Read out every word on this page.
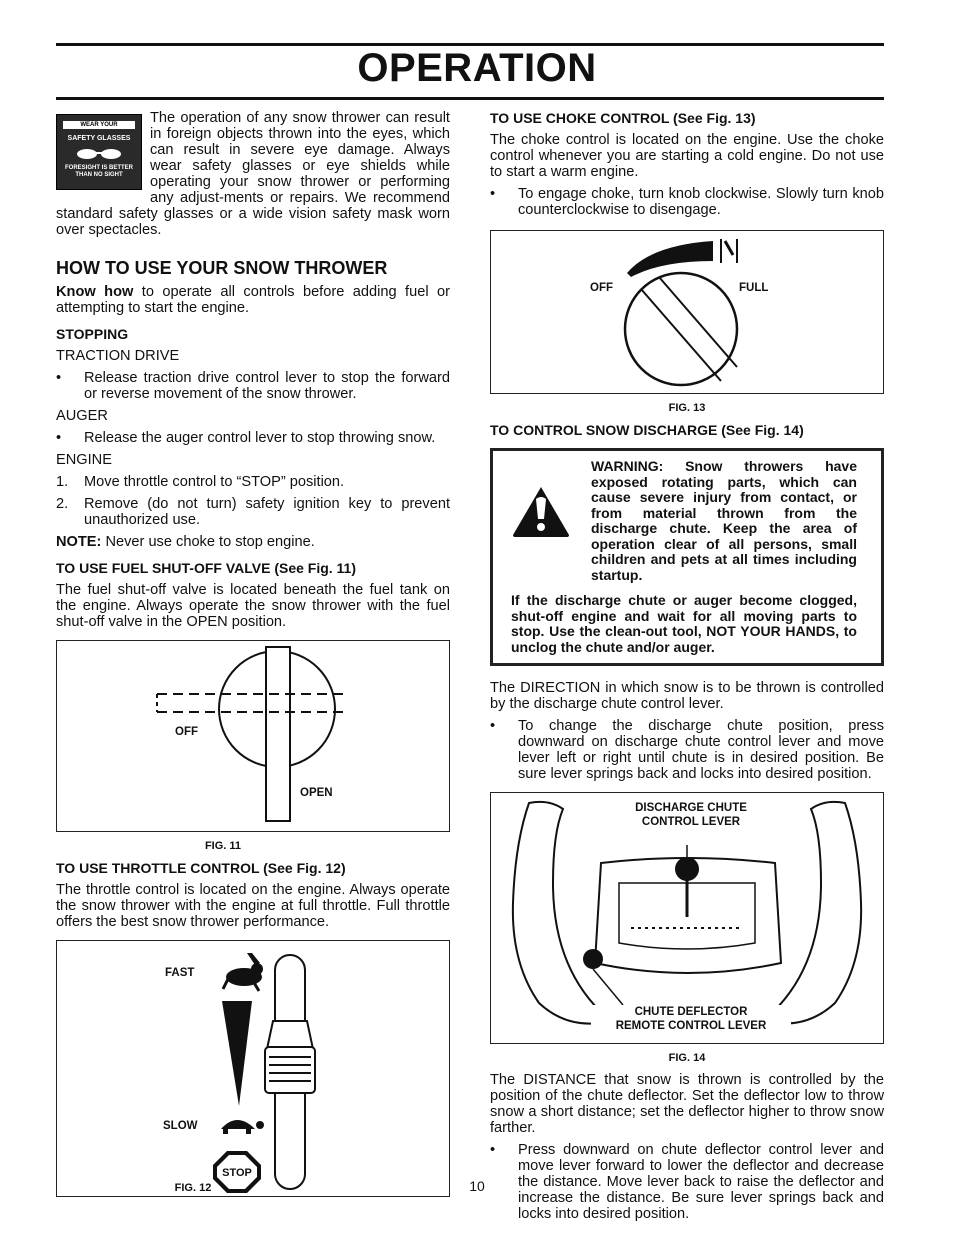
OPERATION
WEAR YOUR
SAFETY GLASSES
FORESIGHT IS BETTER THAN NO SIGHT

The operation of any snow thrower can result in foreign objects thrown into the eyes, which can result in severe eye damage. Always wear safety glasses or eye shields while operating your snow thrower or performing any adjust-ments or repairs. We recommend standard safety glasses or a wide vision safety mask worn over spectacles.

HOW TO USE YOUR SNOW THROWER

Know how to operate all controls before adding fuel or attempting to start the engine.

STOPPING

TRACTION DRIVE

• Release traction drive control lever to stop the forward or reverse movement of the snow thrower.

AUGER

• Release the auger control lever to stop throwing snow.

ENGINE

1. Move throttle control to “STOP” position.
2. Remove (do not turn) safety ignition key to prevent unauthorized use.

NOTE: Never use choke to stop engine.

TO USE FUEL SHUT-OFF VALVE (See Fig. 11)

The fuel shut-off valve is located beneath the fuel tank on the engine. Always operate the snow thrower with the fuel shut-off valve in the OPEN position.

OFF
OPEN
FIG. 11
TO USE THROTTLE CONTROL (See Fig. 12)

The throttle control is located on the engine. Always operate the snow thrower with the engine at full throttle. Full throttle offers the best snow thrower performance.

FAST
SLOW
STOP
FIG. 12
TO USE CHOKE CONTROL (See Fig. 13)

The choke control is located on the engine. Use the choke control whenever you are starting a cold engine. Do not use to start a warm engine.

• To engage choke, turn knob clockwise. Slowly turn knob counterclockwise to disengage.
OFF	FULL
FIG. 13
TO CONTROL SNOW DISCHARGE (See Fig. 14)

WARNING: Snow throwers have exposed rotating parts, which can cause severe injury from contact, or from material thrown from the discharge chute. Keep the area of operation clear of all persons, small children and pets at all times including startup.

If the discharge chute or auger become clogged, shut-off engine and wait for all moving parts to stop. Use the clean-out tool, NOT YOUR HANDS, to unclog the chute and/or auger.

The DIRECTION in which snow is to be thrown is controlled by the discharge chute control lever.

• To change the discharge chute position, press downward on discharge chute control lever and move lever left or right until chute is in desired position. Be sure lever springs back and locks into desired position.
DISCHARGE CHUTE
CONTROL LEVER
CHUTE DEFLECTOR
REMOTE CONTROL LEVER
FIG. 14

The DISTANCE that snow is thrown is controlled by the position of the chute deflector. Set the deflector low to throw snow a short distance; set the deflector higher to throw snow farther.

• Press downward on chute deflector control lever and move lever forward to lower the deflector and decrease the distance. Move lever back to raise the deflector and increase the distance. Be sure lever springs back and locks into desired position.
10
